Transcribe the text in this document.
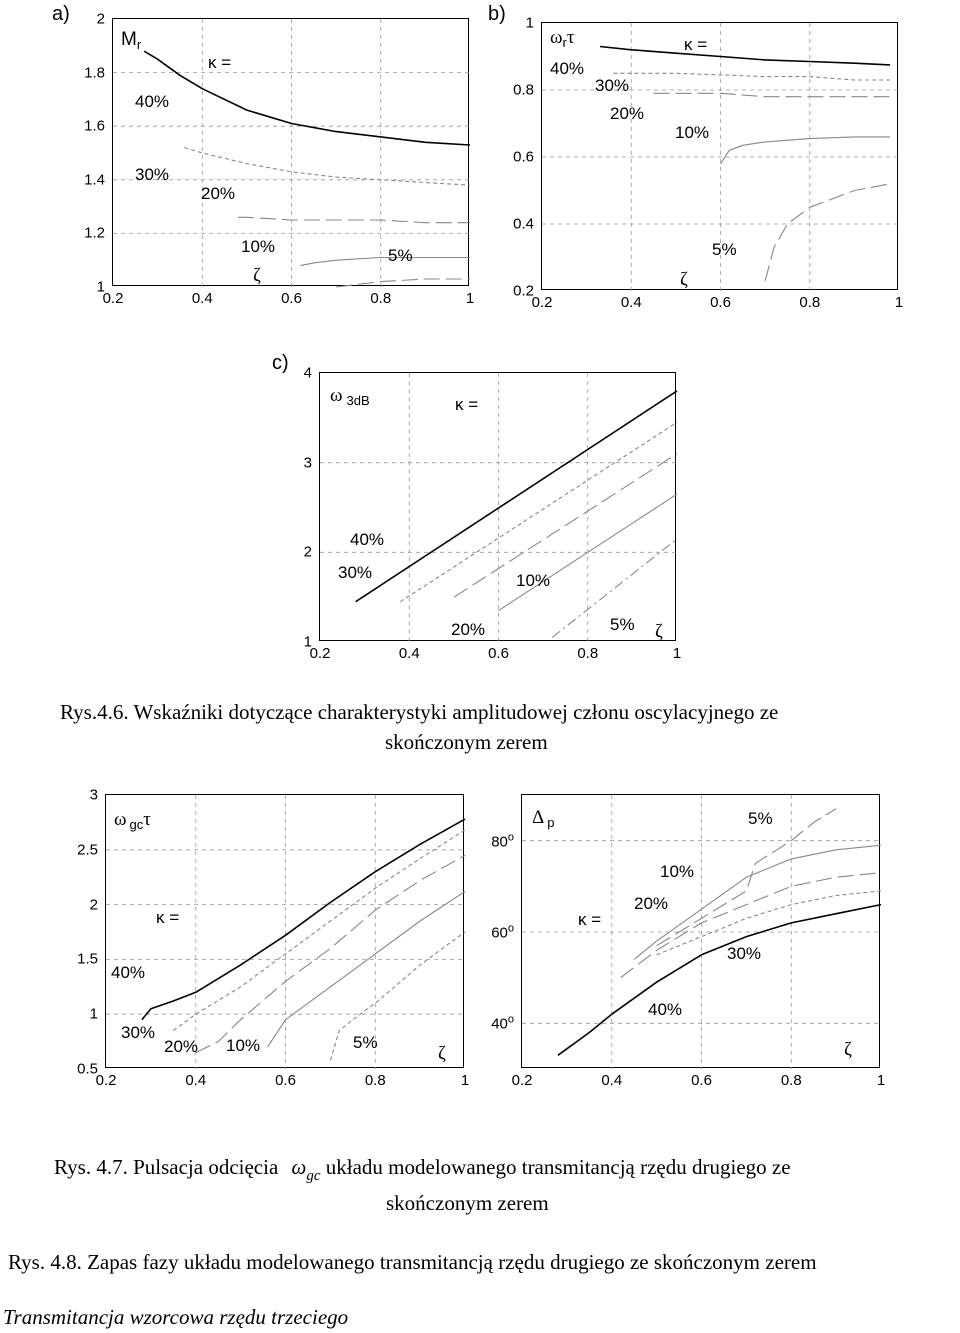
a)
$M_r$
κ =
ζ
40%
30%
20%
10%	5%
0.2	0.4	0.6	0.8	1
1
1.2
1.4
1.6
1.8
2	b)
$\omega_r\tau$	κ =
ζ
40%
30%
20%
10%
5%
0.2	0.4	0.6	0.8	1
0.2
0.4
0.6
0.8
1
c)
ω $_{3dB}$	κ =
ζ
40%
30%	10%
20%	5%
0.2	0.4	0.6	0.8	1
1
2
3
4
Rys.4.6. Wskaźniki dotyczące charakterystyki amplitudowej członu oscylacyjnego ze
skończonym zerem
ω $_{gc}$τ
κ =
ζ
40%
30%
20% 10%	5%
0.2	0.4	0.6	0.8	1
0.5
1
1.5
2
2.5
3
Δ $_p$
κ =
ζ
5%
10%
20%
30%
40%
0.2	0.4	0.6	0.8	1
40$^o$
60$^o$
80$^o$
Rys. 4.7. Pulsacja odcięcia $\omega_{gc}$ układu modelowanego transmitancją rzędu drugiego ze
skończonym zerem
Rys. 4.8. Zapas fazy układu modelowanego transmitancją rzędu drugiego ze skończonym zerem
Transmitancja wzorcowa rzędu trzeciego
